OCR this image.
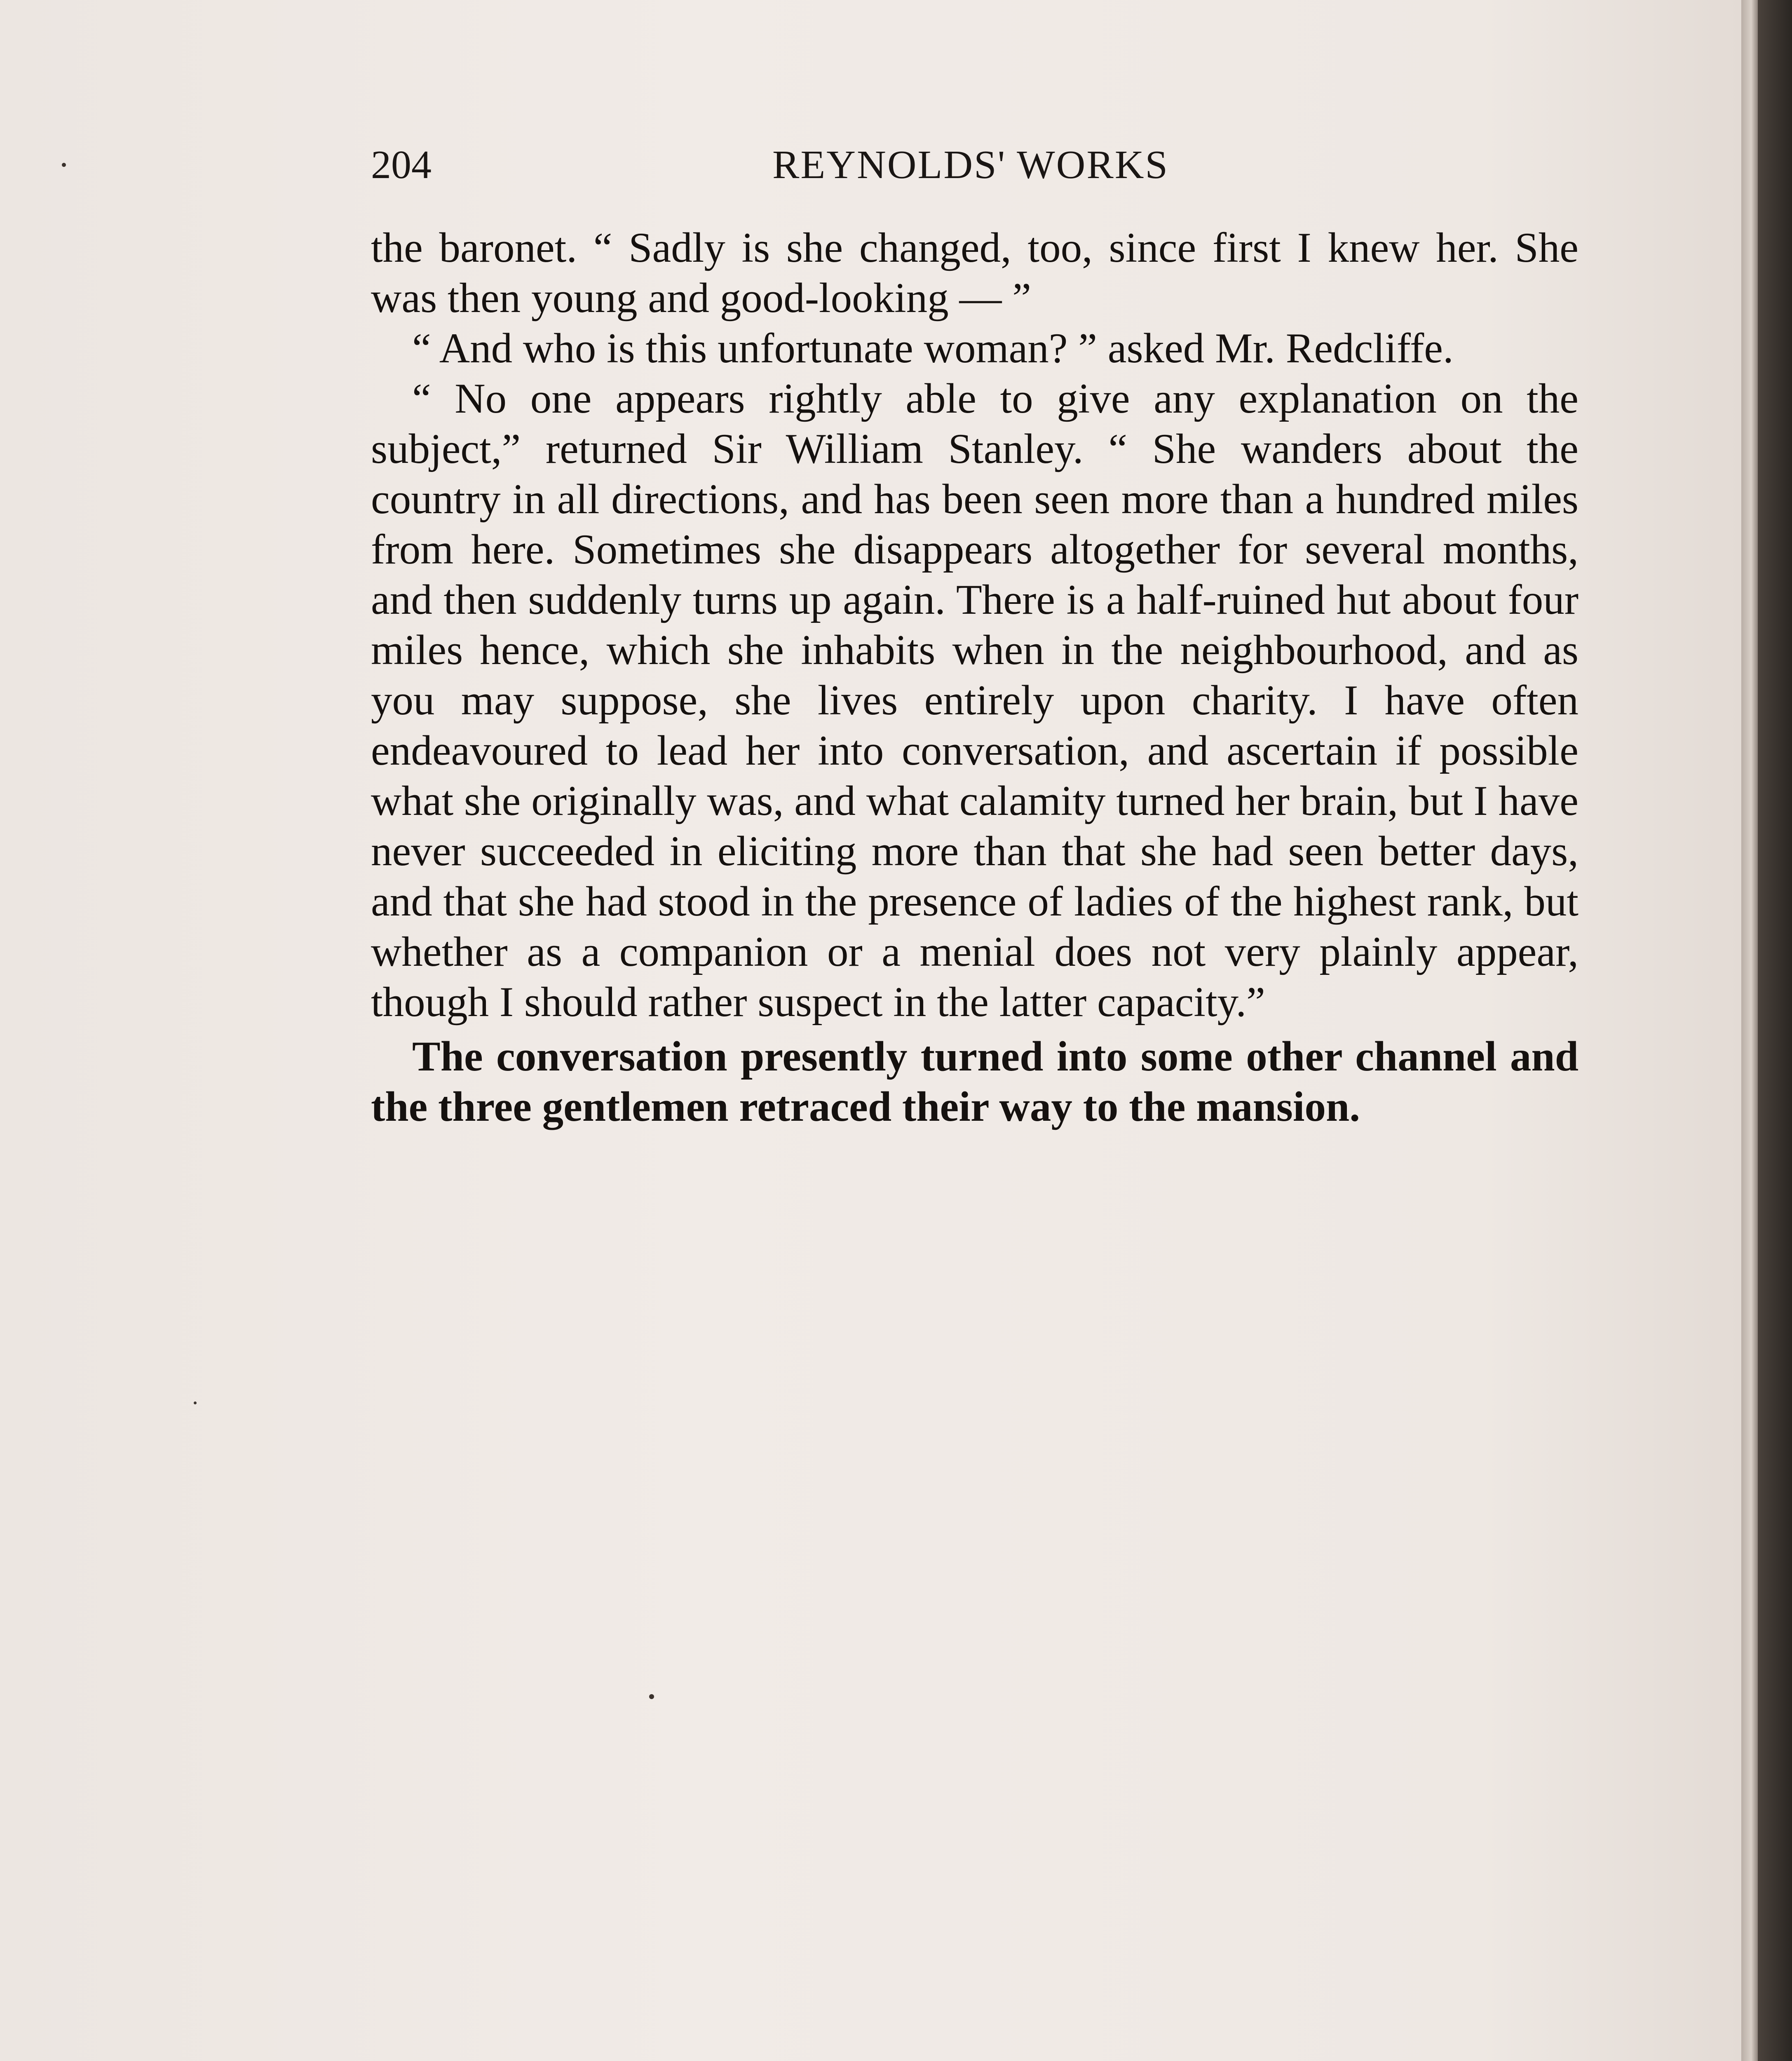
204	REYNOLDS' WORKS

the baronet. “ Sadly is she changed, too, since first I knew her. She was then young and good-looking — ”

“ And who is this unfortunate woman? ” asked Mr. Redcliffe.

“ No one appears rightly able to give any explanation on the subject,” returned Sir William Stanley. “ She wanders about the country in all directions, and has been seen more than a hundred miles from here. Sometimes she disappears altogether for several months, and then suddenly turns up again. There is a half-ruined hut about four miles hence, which she inhabits when in the neighbourhood, and as you may suppose, she lives entirely upon charity. I have often endeavoured to lead her into conversation, and ascertain if possible what she originally was, and what calamity turned her brain, but I have never succeeded in eliciting more than that she had seen better days, and that she had stood in the presence of ladies of the highest rank, but whether as a companion or a menial does not very plainly appear, though I should rather suspect in the latter capacity.”

The conversation presently turned into some other channel and the three gentlemen retraced their way to the mansion.
